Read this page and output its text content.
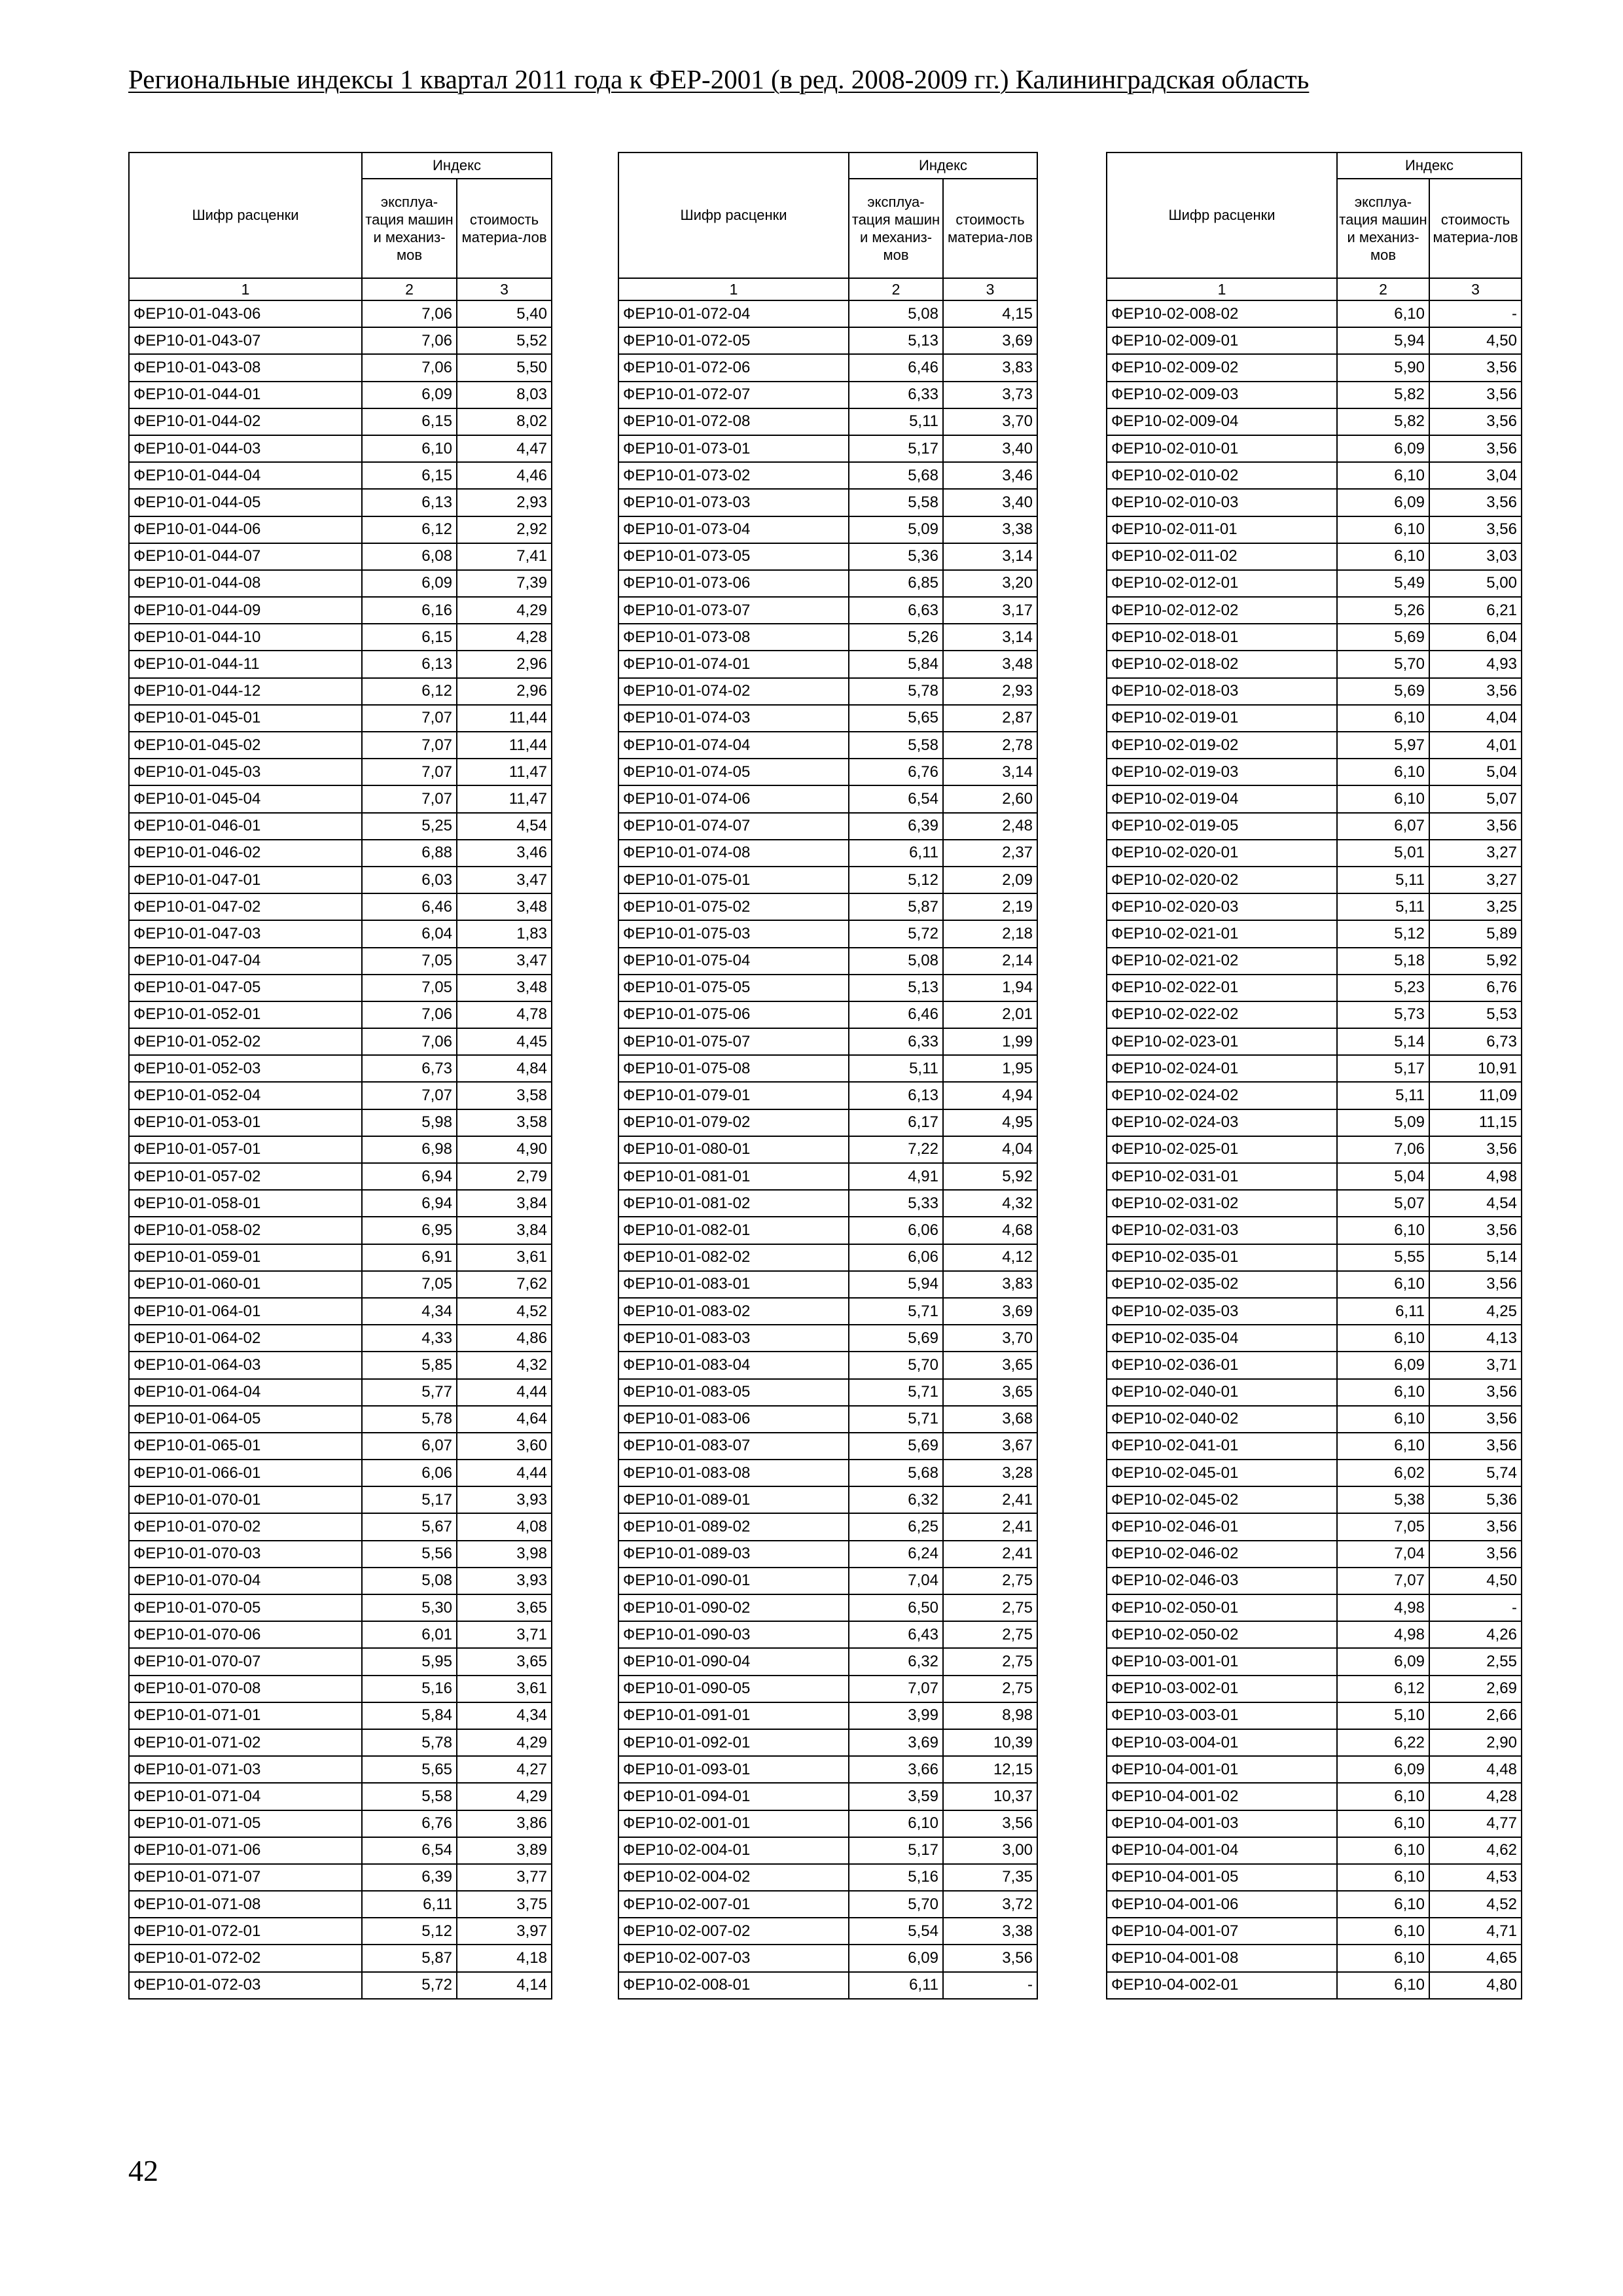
Региональные индексы 1 квартал 2011 года к ФЕР-2001 (в ред. 2008-2009 гг.) Калининградская область
Шифр расценки	Индекс	
	эксплуа-тация машин и механиз-мов	стоимость материа-лов
1	2	3
ФЕР10-01-043-06	7,06	5,40
ФЕР10-01-043-07	7,06	5,52
ФЕР10-01-043-08	7,06	5,50
ФЕР10-01-044-01	6,09	8,03
ФЕР10-01-044-02	6,15	8,02
ФЕР10-01-044-03	6,10	4,47
ФЕР10-01-044-04	6,15	4,46
ФЕР10-01-044-05	6,13	2,93
ФЕР10-01-044-06	6,12	2,92
ФЕР10-01-044-07	6,08	7,41
ФЕР10-01-044-08	6,09	7,39
ФЕР10-01-044-09	6,16	4,29
ФЕР10-01-044-10	6,15	4,28
ФЕР10-01-044-11	6,13	2,96
ФЕР10-01-044-12	6,12	2,96
ФЕР10-01-045-01	7,07	11,44
ФЕР10-01-045-02	7,07	11,44
ФЕР10-01-045-03	7,07	11,47
ФЕР10-01-045-04	7,07	11,47
ФЕР10-01-046-01	5,25	4,54
ФЕР10-01-046-02	6,88	3,46
ФЕР10-01-047-01	6,03	3,47
ФЕР10-01-047-02	6,46	3,48
ФЕР10-01-047-03	6,04	1,83
ФЕР10-01-047-04	7,05	3,47
ФЕР10-01-047-05	7,05	3,48
ФЕР10-01-052-01	7,06	4,78
ФЕР10-01-052-02	7,06	4,45
ФЕР10-01-052-03	6,73	4,84
ФЕР10-01-052-04	7,07	3,58
ФЕР10-01-053-01	5,98	3,58
ФЕР10-01-057-01	6,98	4,90
ФЕР10-01-057-02	6,94	2,79
ФЕР10-01-058-01	6,94	3,84
ФЕР10-01-058-02	6,95	3,84
ФЕР10-01-059-01	6,91	3,61
ФЕР10-01-060-01	7,05	7,62
ФЕР10-01-064-01	4,34	4,52
ФЕР10-01-064-02	4,33	4,86
ФЕР10-01-064-03	5,85	4,32
ФЕР10-01-064-04	5,77	4,44
ФЕР10-01-064-05	5,78	4,64
ФЕР10-01-065-01	6,07	3,60
ФЕР10-01-066-01	6,06	4,44
ФЕР10-01-070-01	5,17	3,93
ФЕР10-01-070-02	5,67	4,08
ФЕР10-01-070-03	5,56	3,98
ФЕР10-01-070-04	5,08	3,93
ФЕР10-01-070-05	5,30	3,65
ФЕР10-01-070-06	6,01	3,71
ФЕР10-01-070-07	5,95	3,65
ФЕР10-01-070-08	5,16	3,61
ФЕР10-01-071-01	5,84	4,34
ФЕР10-01-071-02	5,78	4,29
ФЕР10-01-071-03	5,65	4,27
ФЕР10-01-071-04	5,58	4,29
ФЕР10-01-071-05	6,76	3,86
ФЕР10-01-071-06	6,54	3,89
ФЕР10-01-071-07	6,39	3,77
ФЕР10-01-071-08	6,11	3,75
ФЕР10-01-072-01	5,12	3,97
ФЕР10-01-072-02	5,87	4,18
ФЕР10-01-072-03	5,72	4,14
Шифр расценки	Индекс	
	эксплуа-тация машин и механиз-мов	стоимость материа-лов
1	2	3
ФЕР10-01-072-04	5,08	4,15
ФЕР10-01-072-05	5,13	3,69
ФЕР10-01-072-06	6,46	3,83
ФЕР10-01-072-07	6,33	3,73
ФЕР10-01-072-08	5,11	3,70
ФЕР10-01-073-01	5,17	3,40
ФЕР10-01-073-02	5,68	3,46
ФЕР10-01-073-03	5,58	3,40
ФЕР10-01-073-04	5,09	3,38
ФЕР10-01-073-05	5,36	3,14
ФЕР10-01-073-06	6,85	3,20
ФЕР10-01-073-07	6,63	3,17
ФЕР10-01-073-08	5,26	3,14
ФЕР10-01-074-01	5,84	3,48
ФЕР10-01-074-02	5,78	2,93
ФЕР10-01-074-03	5,65	2,87
ФЕР10-01-074-04	5,58	2,78
ФЕР10-01-074-05	6,76	3,14
ФЕР10-01-074-06	6,54	2,60
ФЕР10-01-074-07	6,39	2,48
ФЕР10-01-074-08	6,11	2,37
ФЕР10-01-075-01	5,12	2,09
ФЕР10-01-075-02	5,87	2,19
ФЕР10-01-075-03	5,72	2,18
ФЕР10-01-075-04	5,08	2,14
ФЕР10-01-075-05	5,13	1,94
ФЕР10-01-075-06	6,46	2,01
ФЕР10-01-075-07	6,33	1,99
ФЕР10-01-075-08	5,11	1,95
ФЕР10-01-079-01	6,13	4,94
ФЕР10-01-079-02	6,17	4,95
ФЕР10-01-080-01	7,22	4,04
ФЕР10-01-081-01	4,91	5,92
ФЕР10-01-081-02	5,33	4,32
ФЕР10-01-082-01	6,06	4,68
ФЕР10-01-082-02	6,06	4,12
ФЕР10-01-083-01	5,94	3,83
ФЕР10-01-083-02	5,71	3,69
ФЕР10-01-083-03	5,69	3,70
ФЕР10-01-083-04	5,70	3,65
ФЕР10-01-083-05	5,71	3,65
ФЕР10-01-083-06	5,71	3,68
ФЕР10-01-083-07	5,69	3,67
ФЕР10-01-083-08	5,68	3,28
ФЕР10-01-089-01	6,32	2,41
ФЕР10-01-089-02	6,25	2,41
ФЕР10-01-089-03	6,24	2,41
ФЕР10-01-090-01	7,04	2,75
ФЕР10-01-090-02	6,50	2,75
ФЕР10-01-090-03	6,43	2,75
ФЕР10-01-090-04	6,32	2,75
ФЕР10-01-090-05	7,07	2,75
ФЕР10-01-091-01	3,99	8,98
ФЕР10-01-092-01	3,69	10,39
ФЕР10-01-093-01	3,66	12,15
ФЕР10-01-094-01	3,59	10,37
ФЕР10-02-001-01	6,10	3,56
ФЕР10-02-004-01	5,17	3,00
ФЕР10-02-004-02	5,16	7,35
ФЕР10-02-007-01	5,70	3,72
ФЕР10-02-007-02	5,54	3,38
ФЕР10-02-007-03	6,09	3,56
ФЕР10-02-008-01	6,11	-
Шифр расценки	Индекс	
	эксплуа-тация машин и механиз-мов	стоимость материа-лов
1	2	3
ФЕР10-02-008-02	6,10	-
ФЕР10-02-009-01	5,94	4,50
ФЕР10-02-009-02	5,90	3,56
ФЕР10-02-009-03	5,82	3,56
ФЕР10-02-009-04	5,82	3,56
ФЕР10-02-010-01	6,09	3,56
ФЕР10-02-010-02	6,10	3,04
ФЕР10-02-010-03	6,09	3,56
ФЕР10-02-011-01	6,10	3,56
ФЕР10-02-011-02	6,10	3,03
ФЕР10-02-012-01	5,49	5,00
ФЕР10-02-012-02	5,26	6,21
ФЕР10-02-018-01	5,69	6,04
ФЕР10-02-018-02	5,70	4,93
ФЕР10-02-018-03	5,69	3,56
ФЕР10-02-019-01	6,10	4,04
ФЕР10-02-019-02	5,97	4,01
ФЕР10-02-019-03	6,10	5,04
ФЕР10-02-019-04	6,10	5,07
ФЕР10-02-019-05	6,07	3,56
ФЕР10-02-020-01	5,01	3,27
ФЕР10-02-020-02	5,11	3,27
ФЕР10-02-020-03	5,11	3,25
ФЕР10-02-021-01	5,12	5,89
ФЕР10-02-021-02	5,18	5,92
ФЕР10-02-022-01	5,23	6,76
ФЕР10-02-022-02	5,73	5,53
ФЕР10-02-023-01	5,14	6,73
ФЕР10-02-024-01	5,17	10,91
ФЕР10-02-024-02	5,11	11,09
ФЕР10-02-024-03	5,09	11,15
ФЕР10-02-025-01	7,06	3,56
ФЕР10-02-031-01	5,04	4,98
ФЕР10-02-031-02	5,07	4,54
ФЕР10-02-031-03	6,10	3,56
ФЕР10-02-035-01	5,55	5,14
ФЕР10-02-035-02	6,10	3,56
ФЕР10-02-035-03	6,11	4,25
ФЕР10-02-035-04	6,10	4,13
ФЕР10-02-036-01	6,09	3,71
ФЕР10-02-040-01	6,10	3,56
ФЕР10-02-040-02	6,10	3,56
ФЕР10-02-041-01	6,10	3,56
ФЕР10-02-045-01	6,02	5,74
ФЕР10-02-045-02	5,38	5,36
ФЕР10-02-046-01	7,05	3,56
ФЕР10-02-046-02	7,04	3,56
ФЕР10-02-046-03	7,07	4,50
ФЕР10-02-050-01	4,98	-
ФЕР10-02-050-02	4,98	4,26
ФЕР10-03-001-01	6,09	2,55
ФЕР10-03-002-01	6,12	2,69
ФЕР10-03-003-01	5,10	2,66
ФЕР10-03-004-01	6,22	2,90
ФЕР10-04-001-01	6,09	4,48
ФЕР10-04-001-02	6,10	4,28
ФЕР10-04-001-03	6,10	4,77
ФЕР10-04-001-04	6,10	4,62
ФЕР10-04-001-05	6,10	4,53
ФЕР10-04-001-06	6,10	4,52
ФЕР10-04-001-07	6,10	4,71
ФЕР10-04-001-08	6,10	4,65
ФЕР10-04-002-01	6,10	4,80
42
